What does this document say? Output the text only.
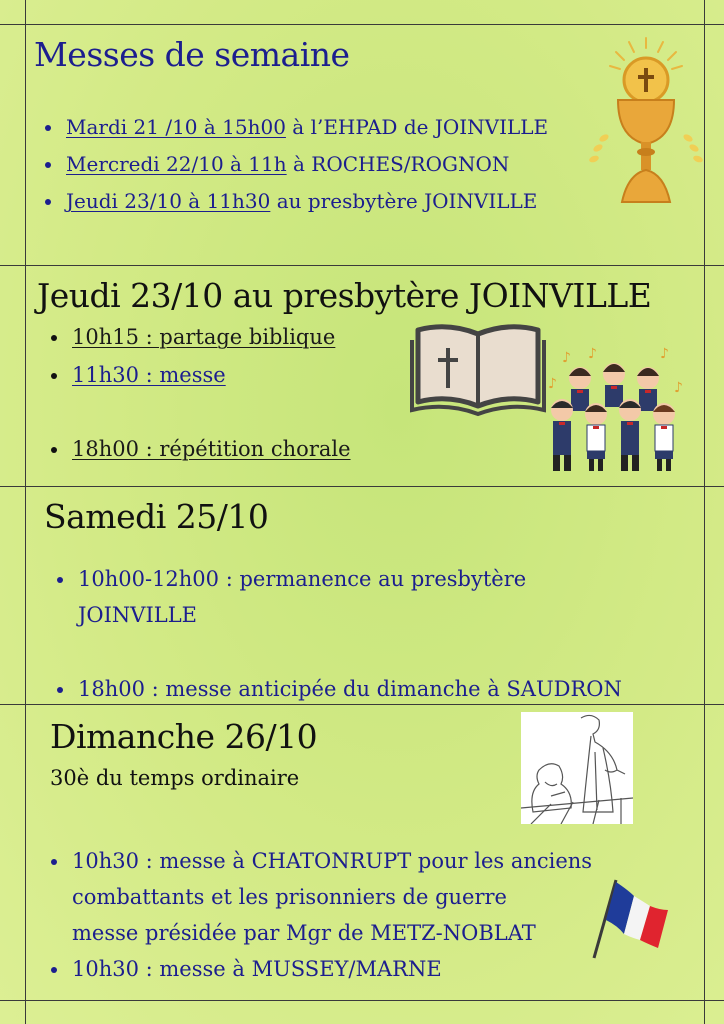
Messes de semaine
Mardi 21 /10 à 15h00 à l’EHPAD de JOINVILLE
Mercredi 22/10 à 11h à ROCHES/ROGNON
Jeudi 23/10 à 11h30 au presbytère JOINVILLE
Jeudi 23/10 au presbytère JOINVILLE
10h15 : partage biblique
11h30 : messe
18h00 : répétition chorale
♪ ♪	♪
♪	♪
Samedi 25/10
10h00-12h00 : permanence au presbytère
JOINVILLE
18h00 : messe anticipée du dimanche à SAUDRON
Dimanche 26/10
30è du temps ordinaire
10h30 : messe à CHATONRUPT pour les anciens
combattants et les prisonniers de guerre
messe présidée par Mgr de METZ-NOBLAT
10h30 : messe à MUSSEY/MARNE
